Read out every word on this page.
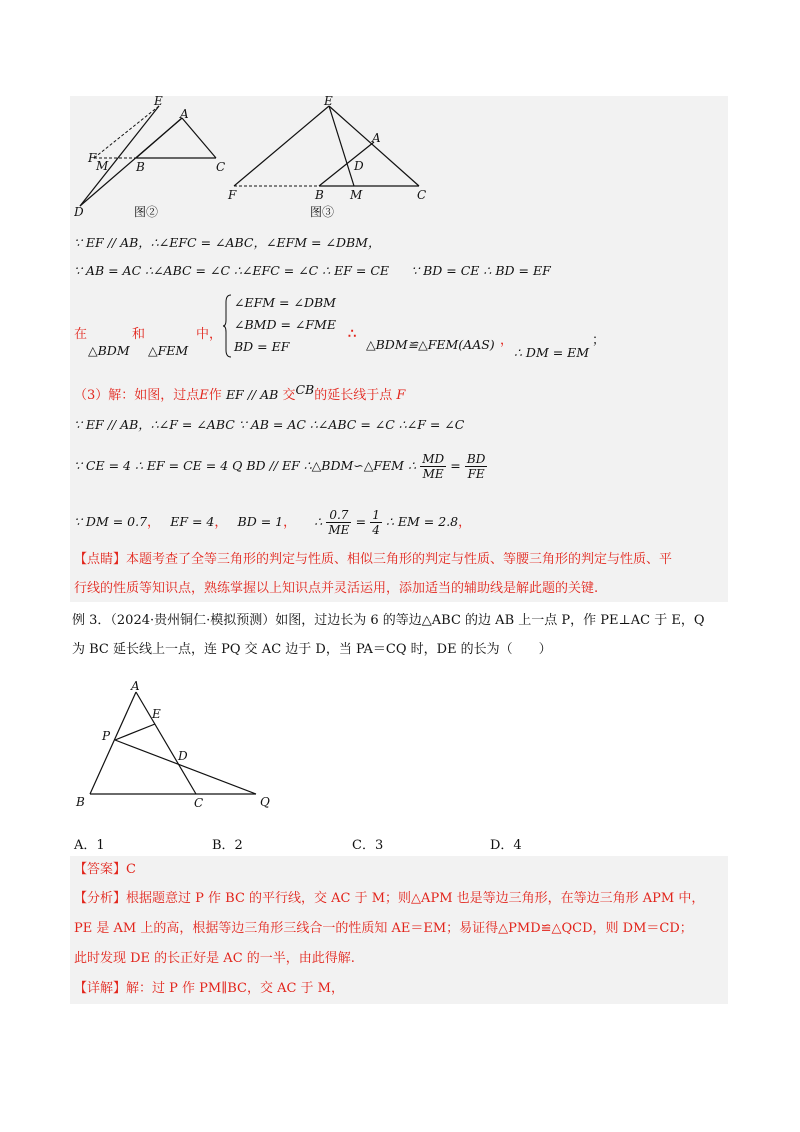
E
A
F
M B	C
D	图②
E
A
D
F	B M	C
图③
∵ EF // AB，∴∠EFC = ∠ABC，∠EFM = ∠DBM，
∵ AB = AC ∴∠ABC = ∠C ∴∠EFC = ∠C ∴ EF = CE ∵ BD = CE ∴ BD = EF
在
△BDM
和
△FEM
中，
∠EFM = ∠DBM
∠BMD = ∠FME
BD = EF
∴
△BDM≌△FEM(AAS) ，
∴ DM = EM
；
（3）解：如图，过点E作 EF // AB 交CB的延长线于点 F
∵ EF // AB，∴∠F = ∠ABC ∵ AB = AC ∴∠ABC = ∠C ∴∠F = ∠C
∵ CE = 4 ∴ EF = CE = 4 Q BD // EF ∴△BDM∽△FEM ∴ $\frac{MD}{ME} = \frac{BD}{FE}$
∵ DM = 0.7， EF = 4， BD = 1， ∴ $\frac{0.7}{ME} = \frac{1}{4}$ ∴ EM = 2.8，
【点睛】本题考查了全等三角形的判定与性质、相似三角形的判定与性质、等腰三角形的判定与性质、平
行线的性质等知识点，熟练掌握以上知识点并灵活运用，添加适当的辅助线是解此题的关键.
例 3．（2024·贵州铜仁·模拟预测）如图，过边长为 6 的等边△ABC 的边 AB 上一点 P，作 PE⊥AC 于 E，Q
为 BC 延长线上一点，连 PQ 交 AC 边于 D，当 PA＝CQ 时，DE 的长为（　　）
A
E
P
D
B	C	Q
A．1	B．2	C．3	D．4
【答案】C
【分析】根据题意过 P 作 BC 的平行线，交 AC 于 M；则△APM 也是等边三角形，在等边三角形 APM 中，
PE 是 AM 上的高，根据等边三角形三线合一的性质知 AE＝EM；易证得△PMD≌△QCD，则 DM＝CD；
此时发现 DE 的长正好是 AC 的一半，由此得解.
【详解】解：过 P 作 PM∥BC，交 AC 于 M，
